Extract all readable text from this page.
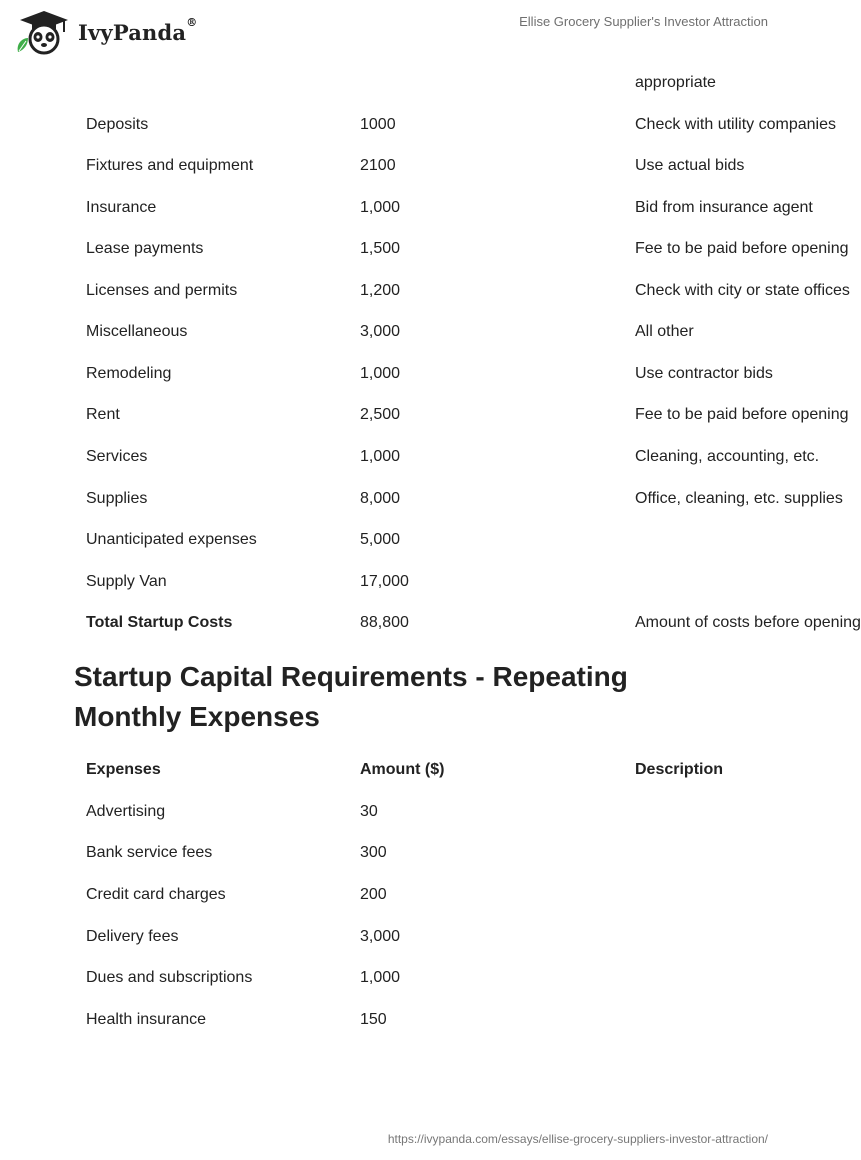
IvyPanda®	Ellise Grocery Supplier's Investor Attraction
appropriate
Deposits	1000	Check with utility companies
Fixtures and equipment	2100	Use actual bids
Insurance	1,000	Bid from insurance agent
Lease payments	1,500	Fee to be paid before opening
Licenses and permits	1,200	Check with city or state offices
Miscellaneous	3,000	All other
Remodeling	1,000	Use contractor bids
Rent	2,500	Fee to be paid before opening
Services	1,000	Cleaning, accounting, etc.
Supplies	8,000	Office, cleaning, etc. supplies
Unanticipated expenses	5,000
Supply Van	17,000
Total Startup Costs	88,800	Amount of costs before opening
Startup Capital Requirements - Repeating Monthly Expenses
Expenses	Amount ($)	Description
Advertising	30
Bank service fees	300
Credit card charges	200
Delivery fees	3,000
Dues and subscriptions	1,000
Health insurance	150
https://ivypanda.com/essays/ellise-grocery-suppliers-investor-attraction/
